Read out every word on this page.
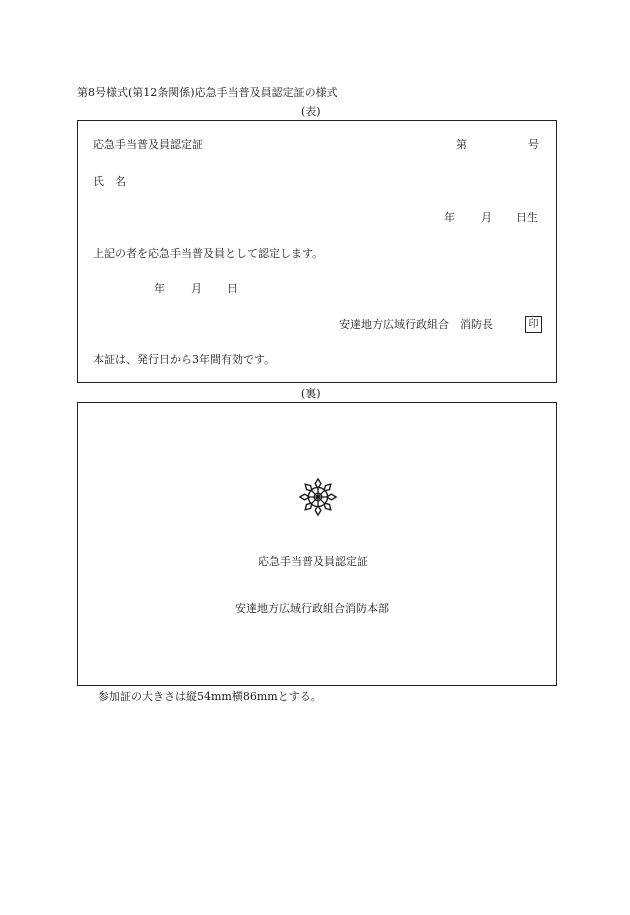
第8号様式(第12条関係)応急手当普及員認定証の様式
(表)
応急手当普及員認定証	第	号
氏　名
年 月 日生
上記の者を応急手当普及員として認定します。
年 月 日
安達地方広域行政組合　消防長	印
本証は、発行日から3年間有効です。
(裏)
応急手当普及員認定証
安達地方広域行政組合消防本部
参加証の大きさは縦54mm横86mmとする。
